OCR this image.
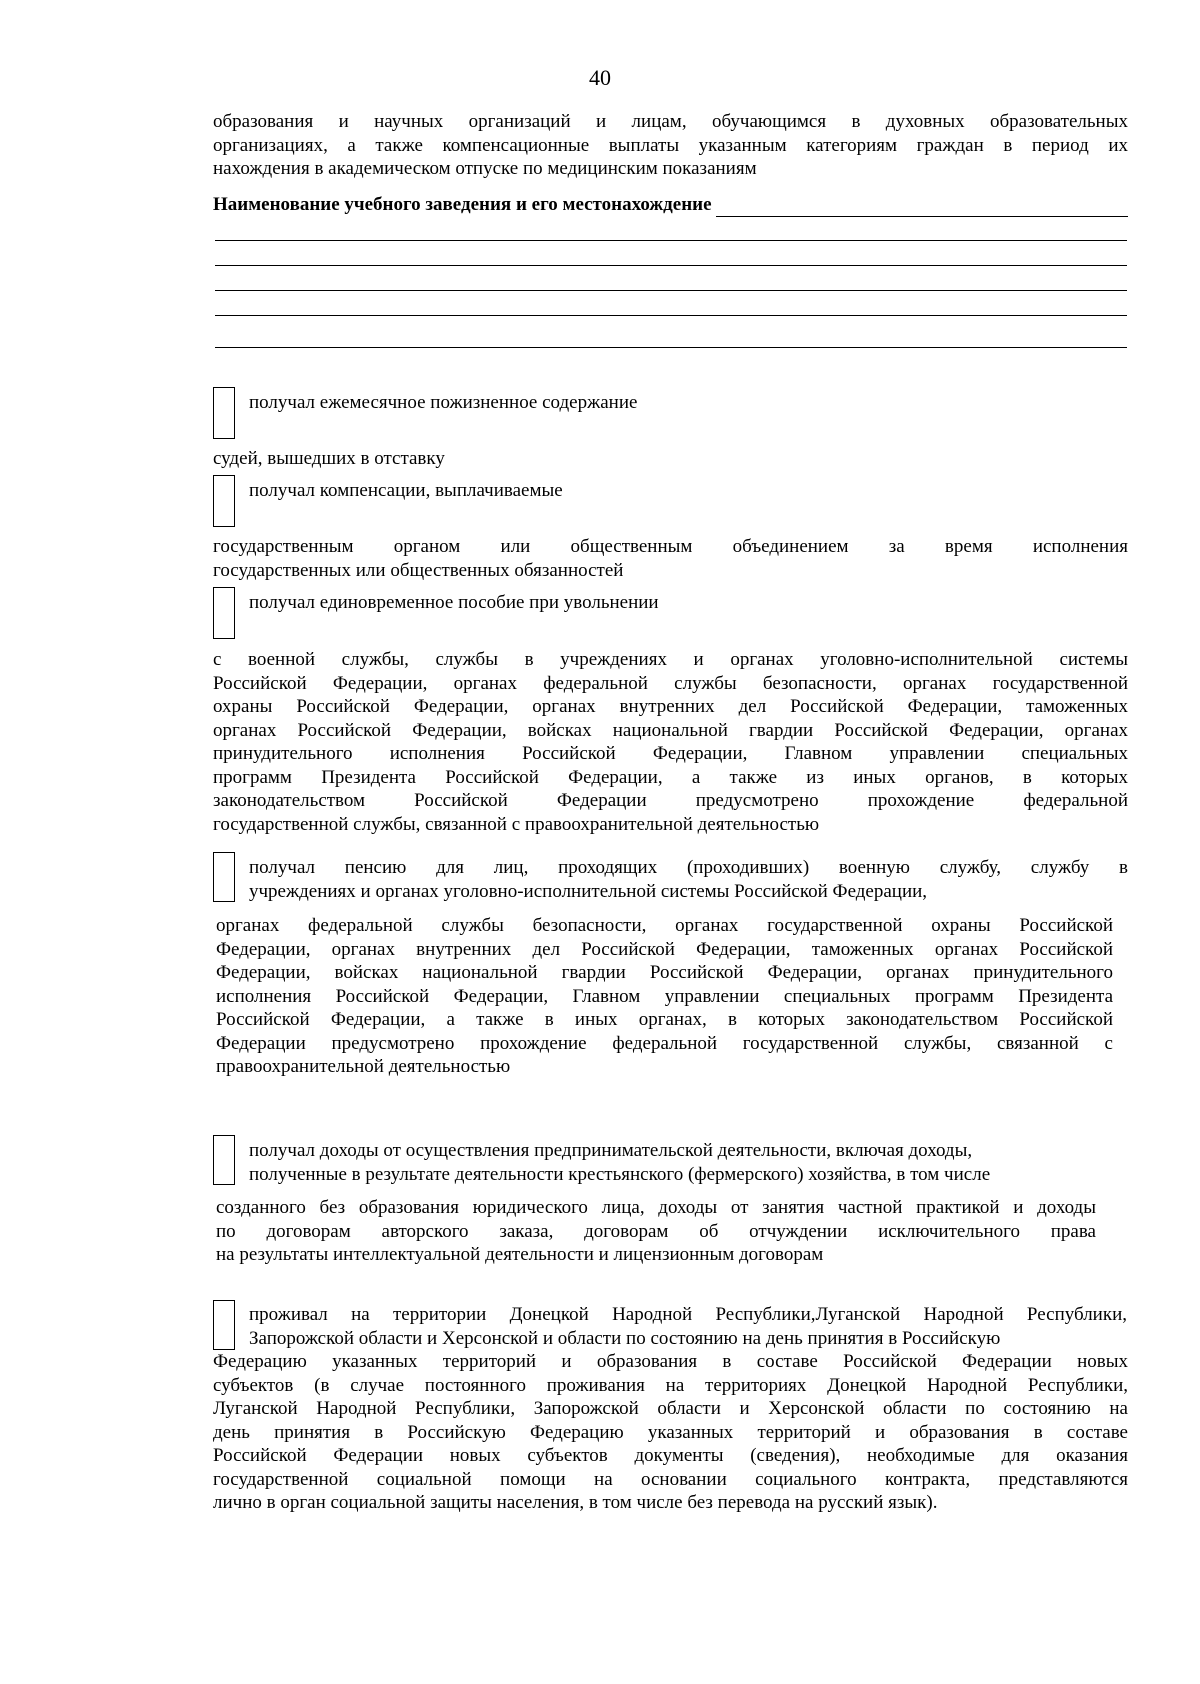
40
образования и научных организаций и лицам, обучающимся в духовных образовательных
организациях, а также компенсационные выплаты указанным категориям граждан в период их
нахождения в академическом отпуске по медицинским показаниям
Наименование учебного заведения и его местонахождение
получал ежемесячное пожизненное содержание
судей, вышедших в отставку
получал компенсации, выплачиваемые
государственным органом или общественным объединением за время исполнения
государственных или общественных обязанностей
получал единовременное пособие при увольнении
с военной службы, службы в учреждениях и органах уголовно-исполнительной системы
Российской Федерации, органах федеральной службы безопасности, органах государственной
охраны Российской Федерации, органах внутренних дел Российской Федерации, таможенных
органах Российской Федерации, войсках национальной гвардии Российской Федерации, органах
принудительного исполнения Российской Федерации, Главном управлении специальных
программ Президента Российской Федерации, а также из иных органов, в которых
законодательством Российской Федерации предусмотрено прохождение федеральной
государственной службы, связанной с правоохранительной деятельностью
получал пенсию для лиц, проходящих (проходивших) военную службу, службу в
учреждениях и органах уголовно-исполнительной системы Российской Федерации,
органах федеральной службы безопасности, органах государственной охраны Российской
Федерации, органах внутренних дел Российской Федерации, таможенных органах Российской
Федерации, войсках национальной гвардии Российской Федерации, органах принудительного
исполнения Российской Федерации, Главном управлении специальных программ Президента
Российской Федерации, а также в иных органах, в которых законодательством Российской
Федерации предусмотрено прохождение федеральной государственной службы, связанной с
правоохранительной деятельностью
получал доходы от осуществления предпринимательской деятельности, включая доходы,
полученные в результате деятельности крестьянского (фермерского) хозяйства, в том числе
созданного без образования юридического лица, доходы от занятия частной практикой и доходы
по договорам авторского заказа, договорам об отчуждении исключительного права
на результаты интеллектуальной деятельности и лицензионным договорам
проживал на территории Донецкой Народной Республики,Луганской Народной Республики,
Запорожской области и Херсонской и области по состоянию на день принятия в Российскую
Федерацию указанных территорий и образования в составе Российской Федерации новых
субъектов (в случае постоянного проживания на территориях Донецкой Народной Республики,
Луганской Народной Республики, Запорожской области и Херсонской области по состоянию на
день принятия в Российскую Федерацию указанных территорий и образования в составе
Российской Федерации новых субъектов документы (сведения), необходимые для оказания
государственной социальной помощи на основании социального контракта, представляются
лично в орган социальной защиты населения, в том числе без перевода на русский язык).
